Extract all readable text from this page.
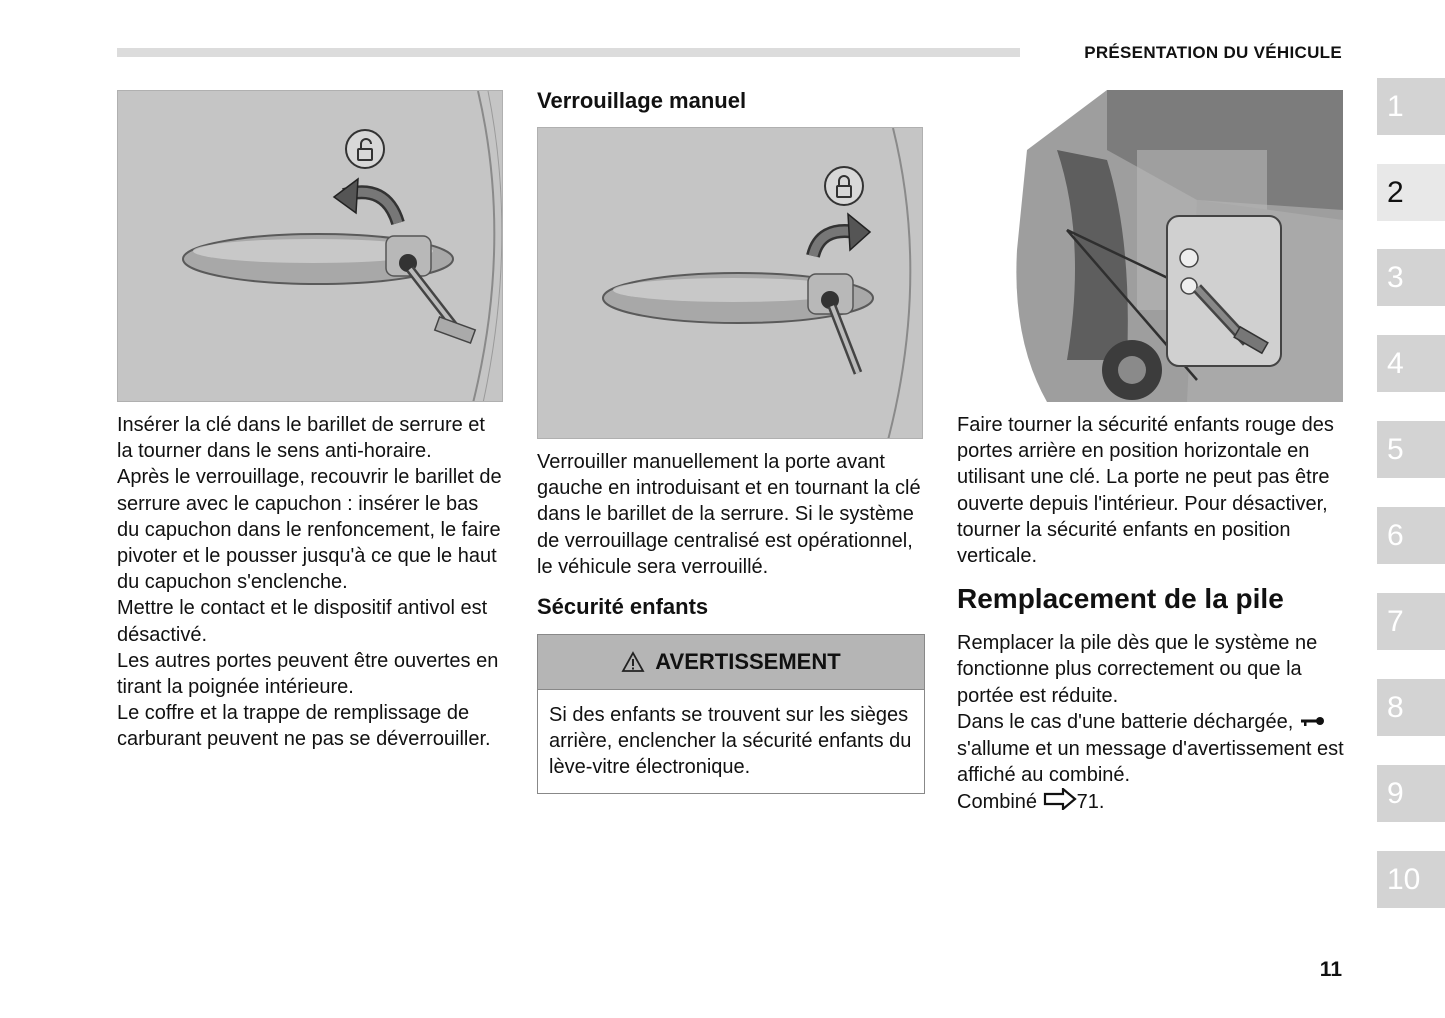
PRÉSENTATION DU VÉHICULE

Insérer la clé dans le barillet de serrure et la tourner dans le sens anti-horaire.

Après le verrouillage, recouvrir le barillet de serrure avec le capuchon : insérer le bas du capuchon dans le renfoncement, le faire pivoter et le pousser jusqu'à ce que le haut du capuchon s'enclenche.

Mettre le contact et le dispositif antivol est désactivé.

Les autres portes peuvent être ouvertes en tirant la poignée intérieure.

Le coffre et la trappe de remplissage de carburant peuvent ne pas se déverrouiller.

Verrouillage manuel
Verrouiller manuellement la porte avant gauche en introduisant et en tournant la clé dans le barillet de la serrure. Si le système de verrouillage centralisé est opérationnel, le véhicule sera verrouillé.
Sécurité enfants
AVERTISSEMENT
Si des enfants se trouvent sur les sièges arrière, enclencher la sécurité enfants du lève-vitre électronique.
Faire tourner la sécurité enfants rouge des portes arrière en position horizontale en utilisant une clé. La porte ne peut pas être ouverte depuis l'intérieur. Pour désactiver, tourner la sécurité enfants en position verticale.
Remplacement de la pile

Remplacer la pile dès que le système ne fonctionne plus correctement ou que la portée est réduite.

Dans le cas d'une batterie déchargée,  s'allume et un message d'avertissement est affiché au combiné.

Combiné 71.

1
2
3
4
5
6
7
8
9
10
11
